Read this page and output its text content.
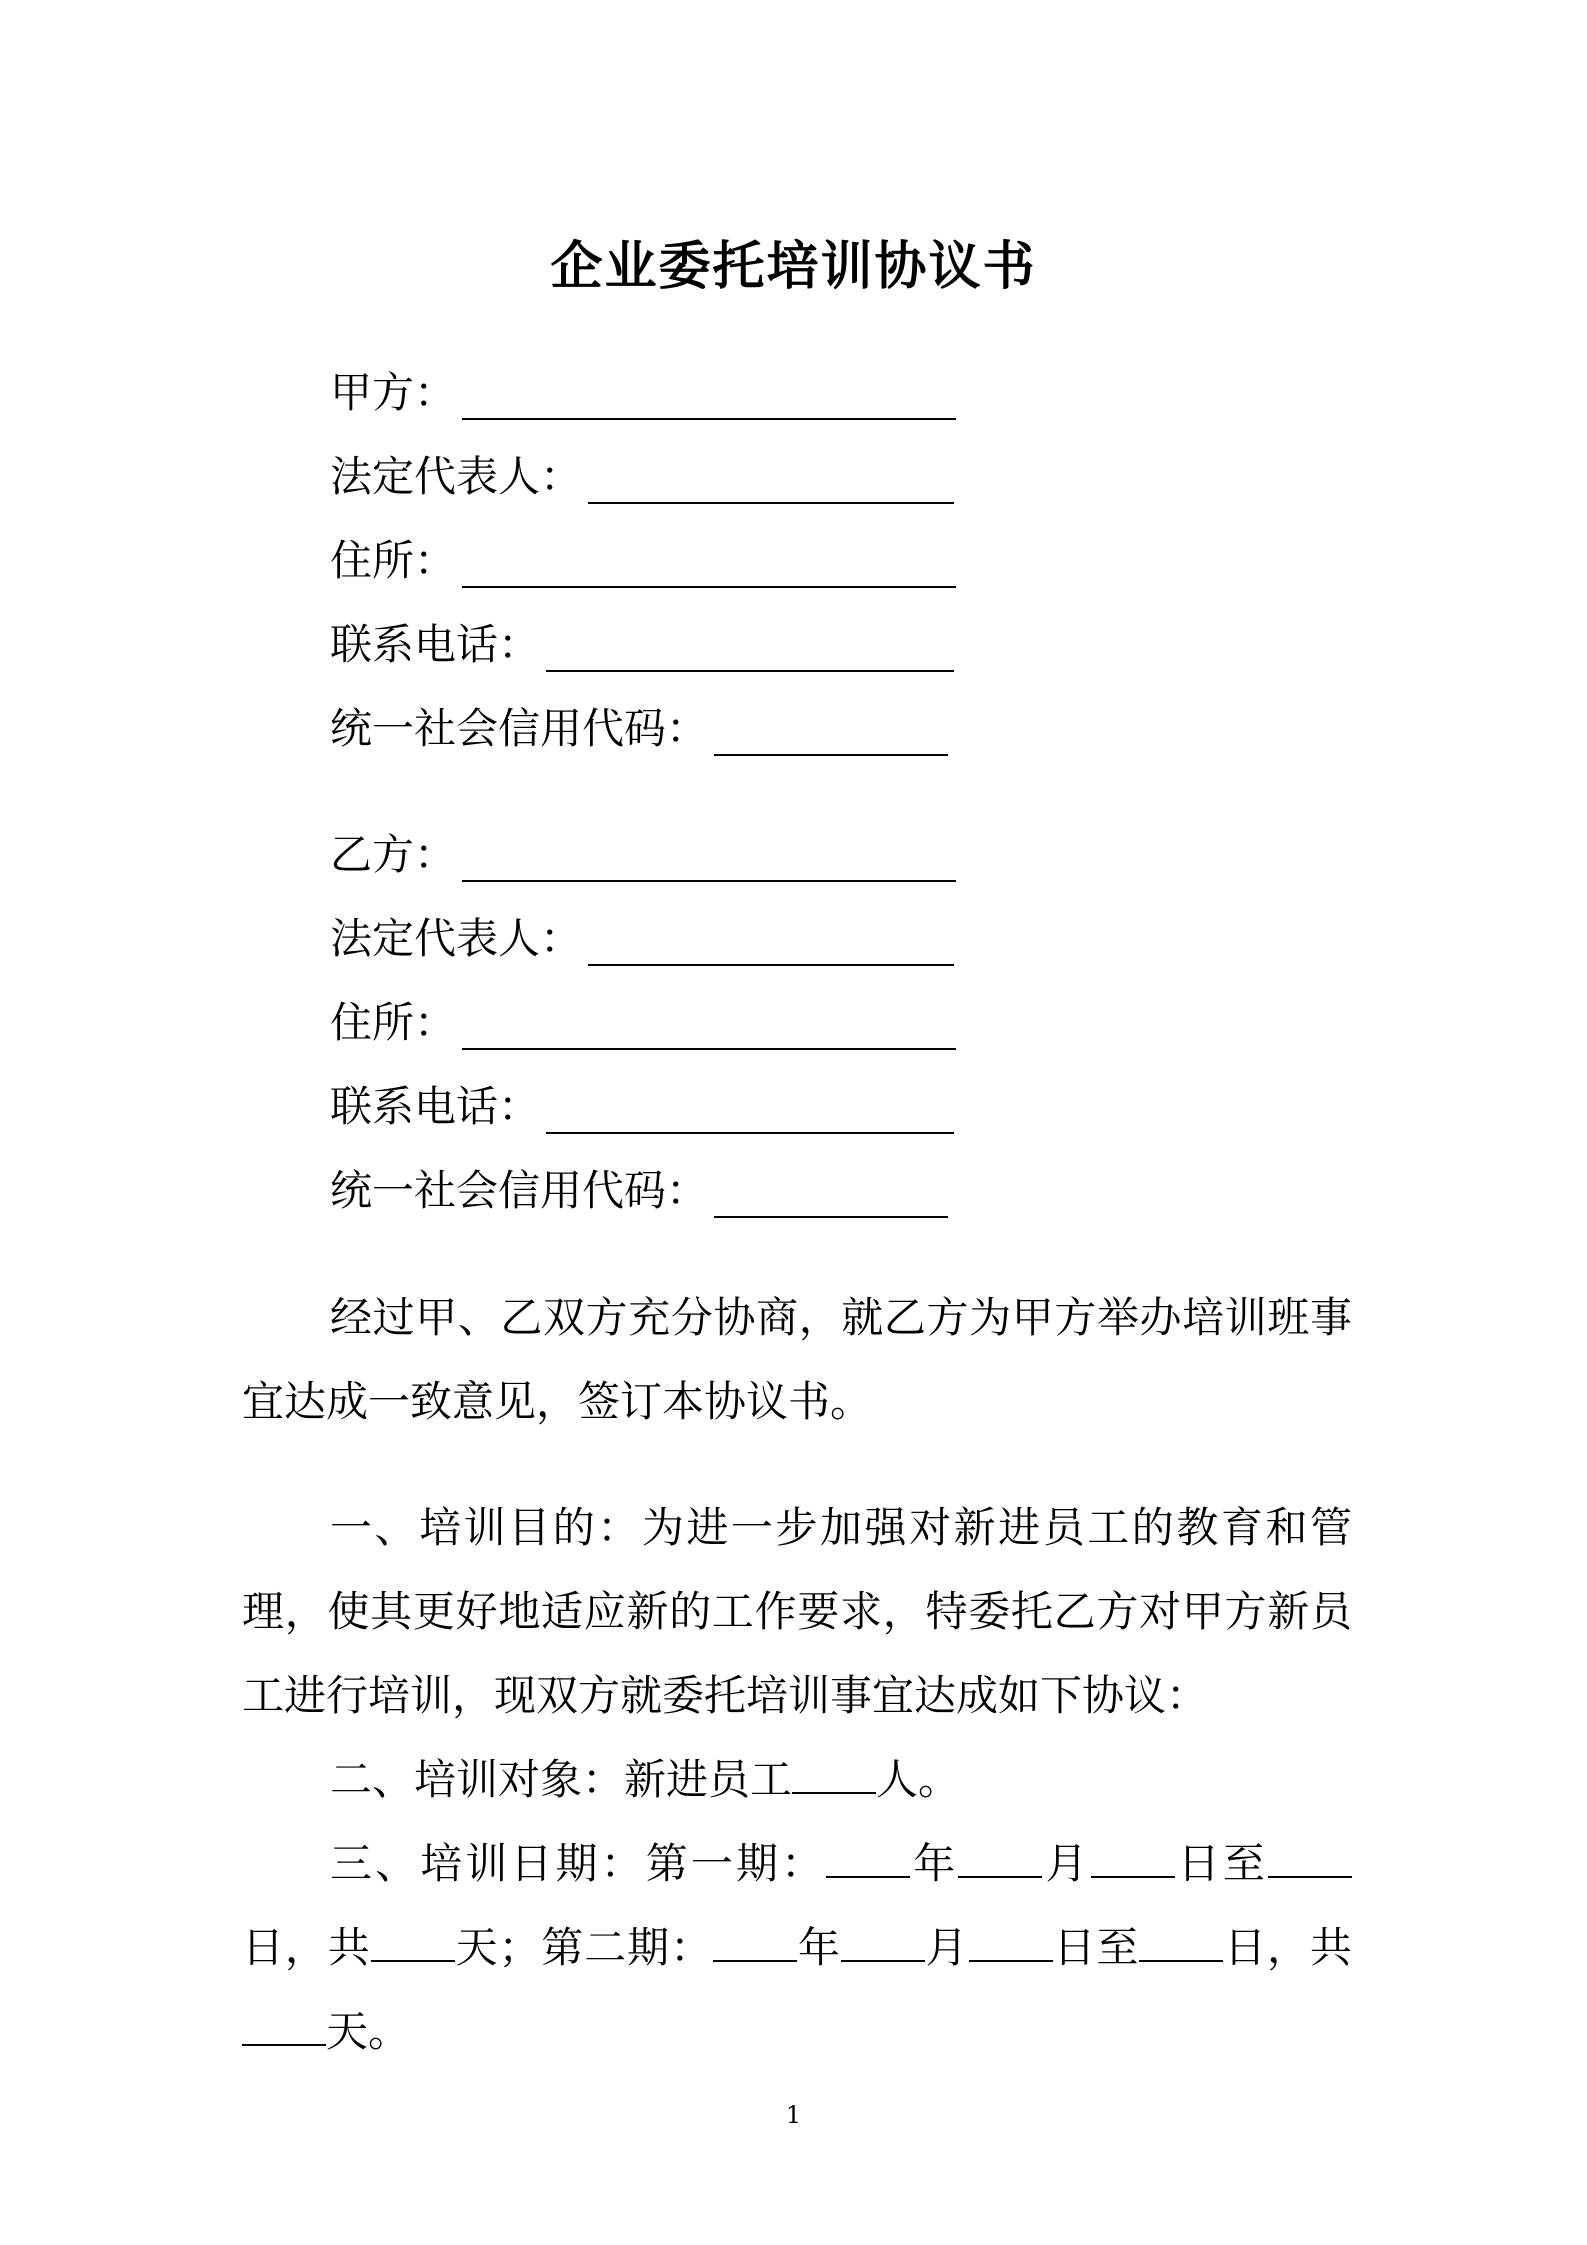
企业委托培训协议书
甲方：
法定代表人：
住所：
联系电话：
统一社会信用代码：
乙方：
法定代表人：
住所：
联系电话：
统一社会信用代码：

经过甲、乙双方充分协商，就乙方为甲方举办培训班事宜达成一致意见，签订本协议书。

一、培训目的：为进一步加强对新进员工的教育和管理，使其更好地适应新的工作要求，特委托乙方对甲方新员工进行培训，现双方就委托培训事宜达成如下协议：

二、培训对象：新进员工 人。

三、培训日期：第一期： 年 月 日至日，共 天；第二期： 年 月 日至 日，共天。

1
